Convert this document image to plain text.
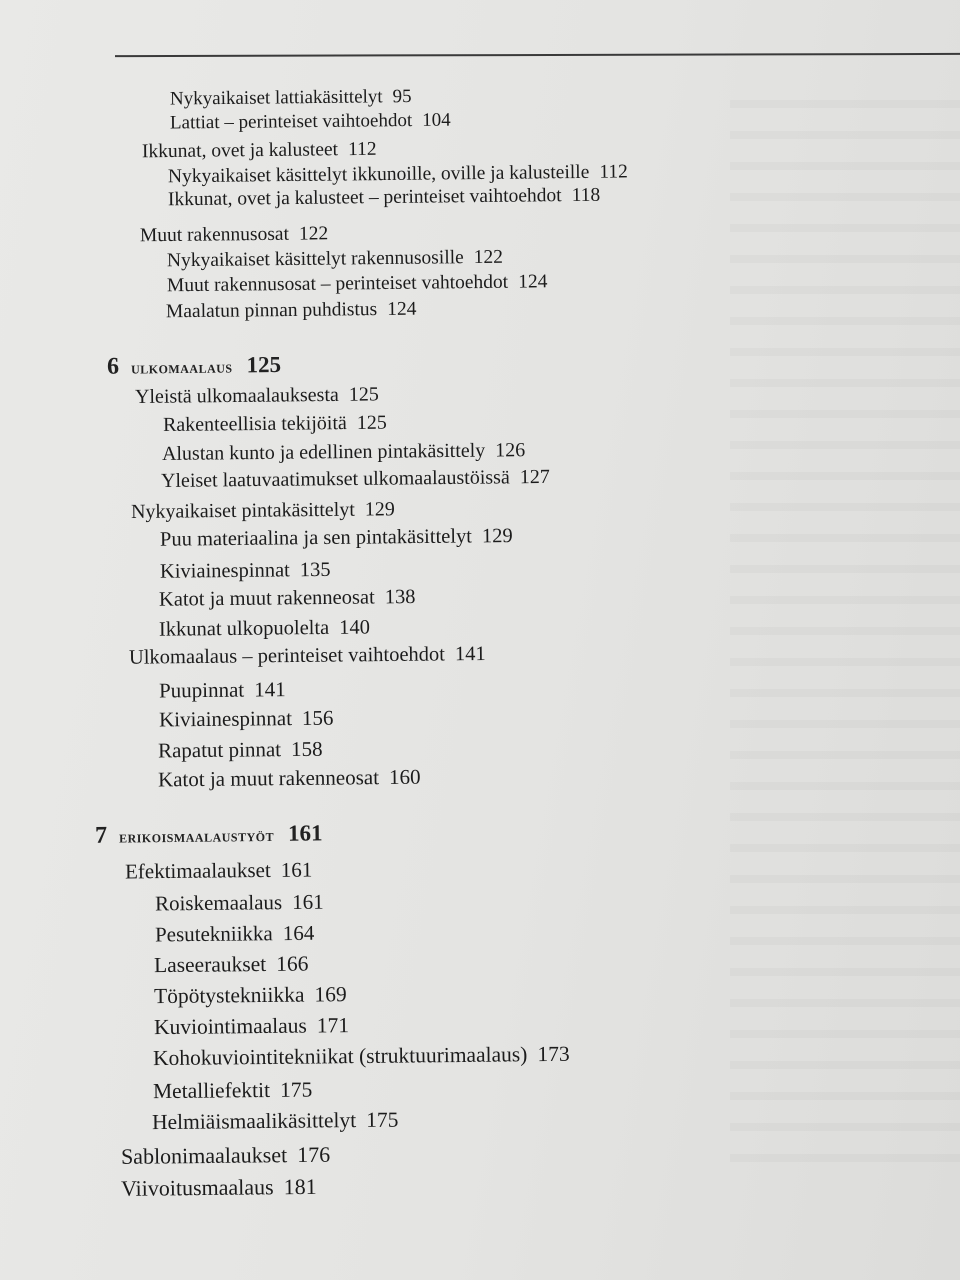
Nykyaikaiset lattiakäsittelyt 95
Lattiat – perinteiset vaihtoehdot 104
Ikkunat, ovet ja kalusteet 112
Nykyaikaiset käsittelyt ikkunoille, oville ja kalusteille 112
Ikkunat, ovet ja kalusteet – perinteiset vaihtoehdot 118
Muut rakennusosat 122
Nykyaikaiset käsittelyt rakennusosille 122
Muut rakennusosat – perinteiset vahtoehdot 124
Maalatun pinnan puhdistus 124
Yleistä ulkomaalauksesta 125
Rakenteellisia tekijöitä 125
Alustan kunto ja edellinen pintakäsittely 126
Yleiset laatuvaatimukset ulkomaalaustöissä 127
Nykyaikaiset pintakäsittelyt 129
Puu materiaalina ja sen pintakäsittelyt 129
Kiviainespinnat 135
Katot ja muut rakenneosat 138
Ikkunat ulkopuolelta 140
Ulkomaalaus – perinteiset vaihtoehdot 141
Puupinnat 141
Kiviainespinnat 156
Rapatut pinnat 158
Katot ja muut rakenneosat 160
Efektimaalaukset 161
Roiskemaalaus 161
Pesutekniikka 164
Laseeraukset 166
Töpötystekniikka 169
Kuviointimaalaus 171
Kohokuviointitekniikat (struktuurimaalaus) 173
Metalliefektit 175
Helmiäismaalikäsittelyt 175
Sablonimaalaukset 176
Viivoitusmaalaus 181
6 ulkomaalaus 125
7 erikoismaalaustyöt 161
